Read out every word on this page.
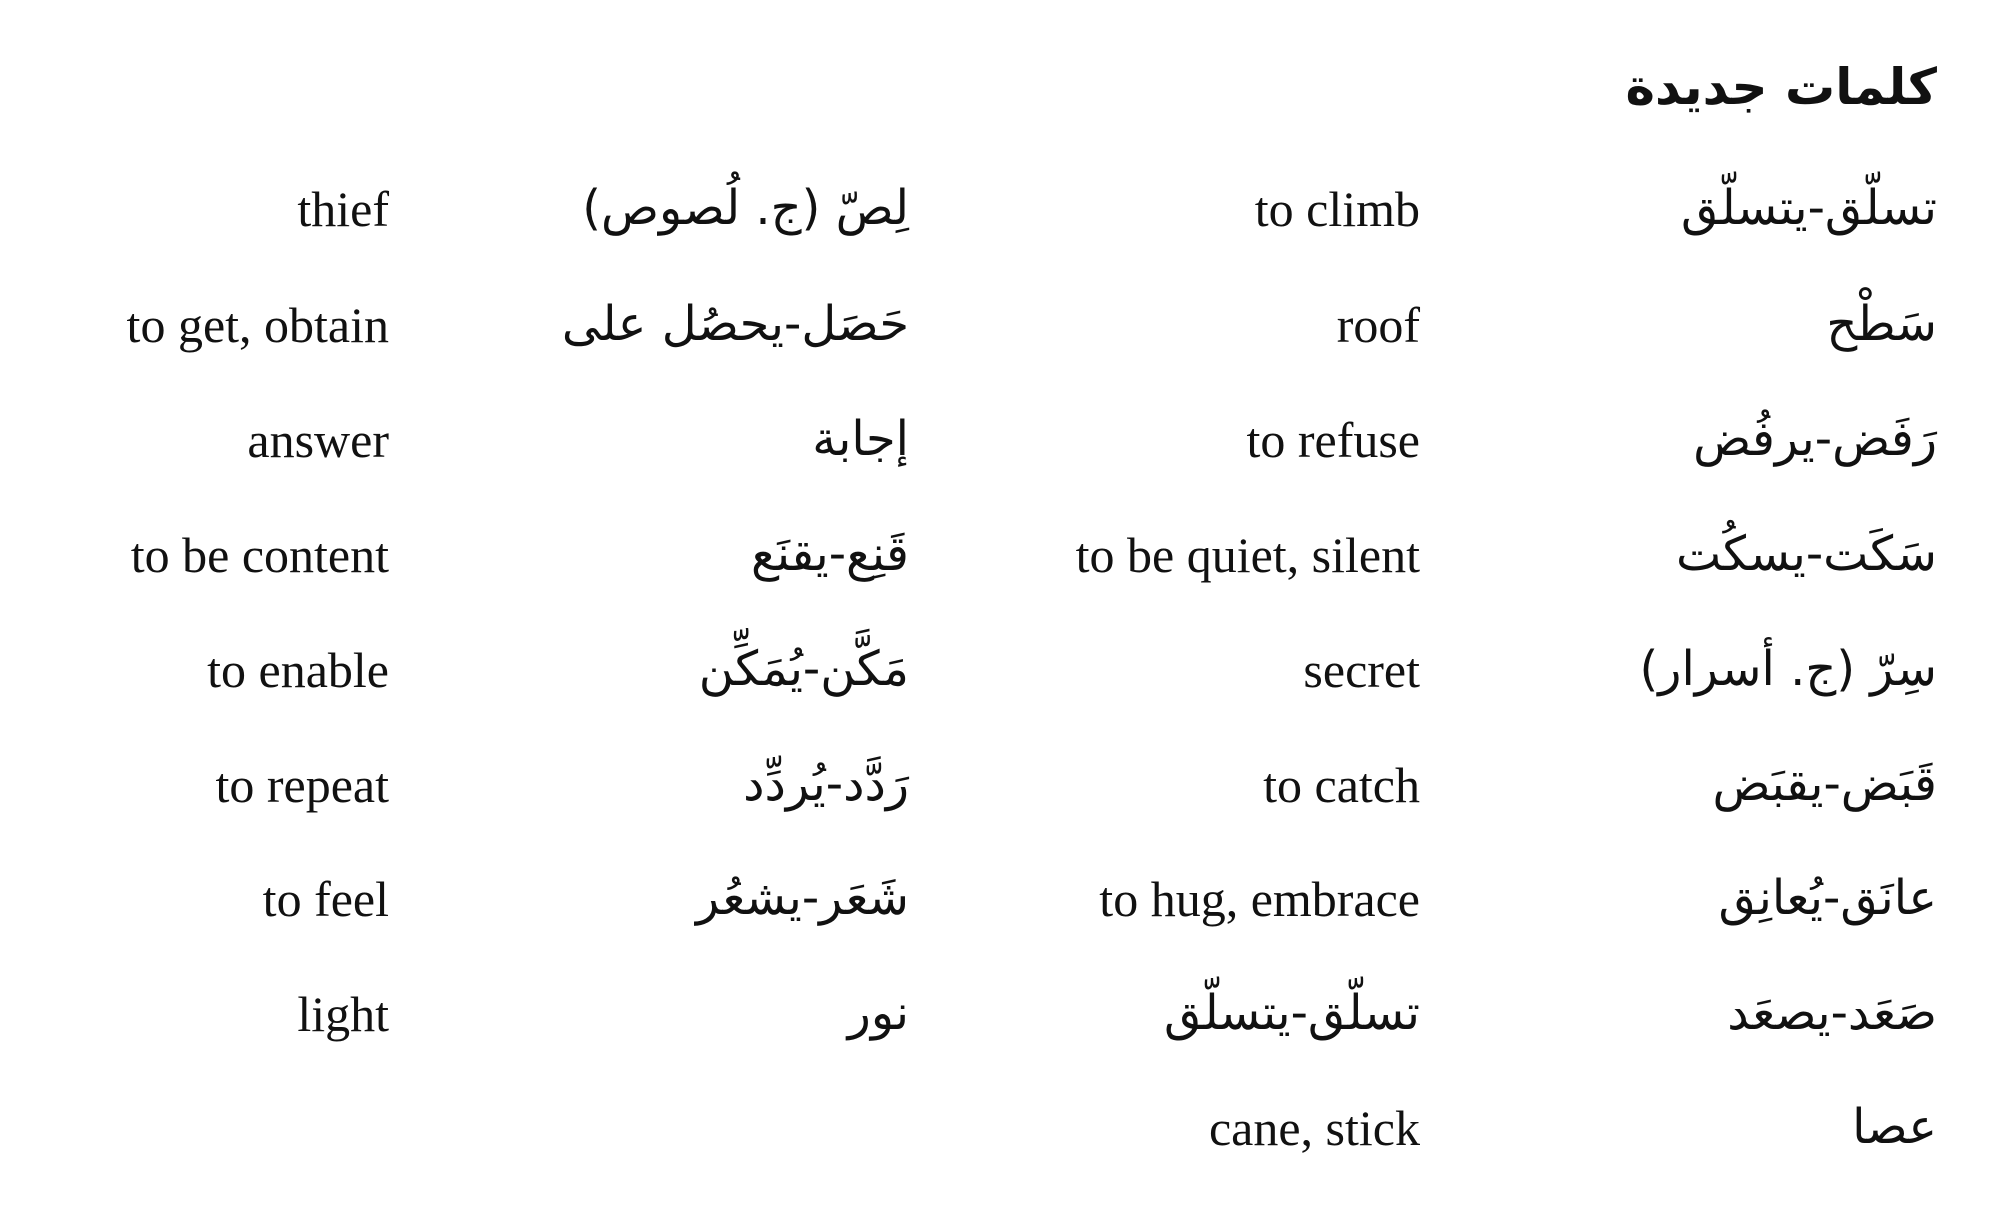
كلمات جديدة
تسلّق-يتسلّق
to climb
سَطْح
roof
رَفَض-يرفُض
to refuse
سَكَت-يسكُت
to be quiet, silent
سِرّ (ج. أسرار)
secret
قَبَض-يقبَض
to catch
عانَق-يُعانِق
to hug, embrace
صَعَد-يصعَد
تسلّق-يتسلّق
عصا
cane, stick
لِصّ (ج. لُصوص)
thief
حَصَل-يحصُل على
to get, obtain
إجابة
answer
قَنِع-يقنَع
to be content
مَكَّن-يُمَكِّن
to enable
رَدَّد-يُردِّد
to repeat
شَعَر-يشعُر
to feel
نور
light
